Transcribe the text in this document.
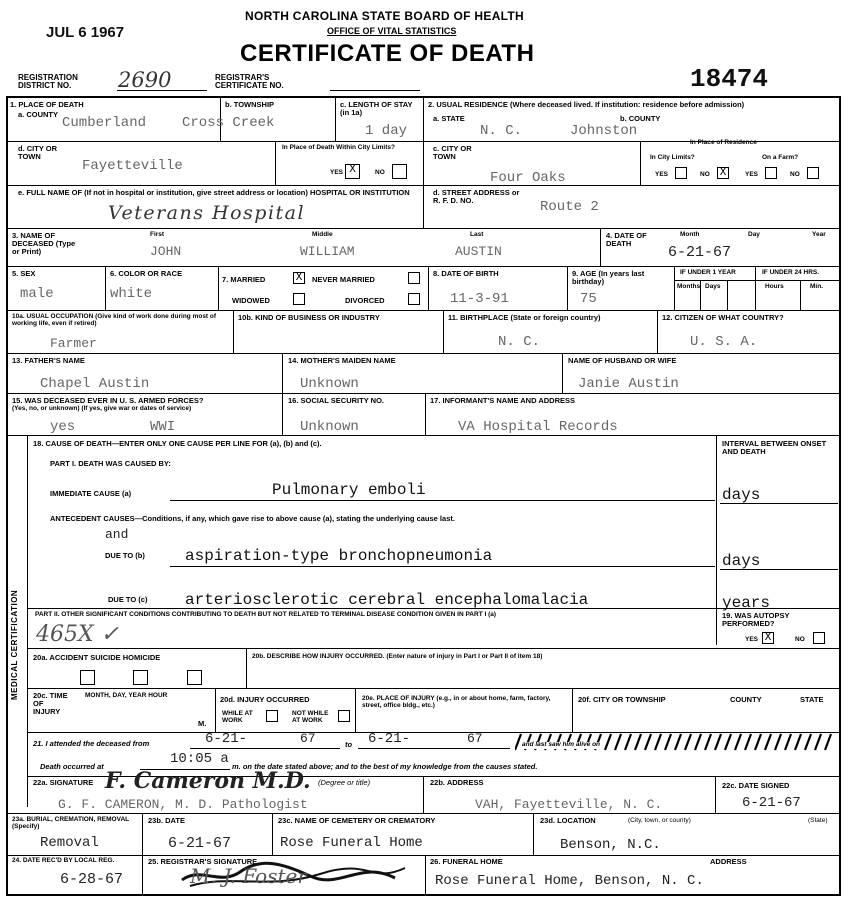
JUL 6 1967
NORTH CAROLINA STATE BOARD OF HEALTH
OFFICE OF VITAL STATISTICS
CERTIFICATE OF DEATH
REGISTRATION
DISTRICT NO.	2690	REGISTRAR'S
CERTIFICATE NO.	18474
1. PLACE OF DEATH
a. COUNTY
Cumberland
b. TOWNSHIP
Cross Creek
c. LENGTH OF STAY (in 1a)
1 day
d. CITY OR TOWN
Fayetteville
In Place of Death Within City Limits?
YES X	NO
e. FULL NAME OF (If not in hospital or institution, give street address or location) HOSPITAL OR INSTITUTION
Veterans Hospital
2. USUAL RESIDENCE (Where deceased lived. If institution: residence before admission)
a. STATE
N. C.
b. COUNTY
Johnston
In Place of Residence
c. CITY OR TOWN
Four Oaks
In City Limits?
YES	NO X
On a Farm?
YES	NO
d. STREET ADDRESS or R. F. D. NO.	Route 2
3. NAME OF DECEASED (Type or Print)
First	Middle	Last
JOHN	WILLIAM	AUSTIN
4. DATE OF DEATH
Month	Day	Year
6-21-67
5. SEX
male
6. COLOR OR RACE
white
7. MARRIED	X	NEVER MARRIED
WIDOWED	DIVORCED
8. DATE OF BIRTH
11-3-91
9. AGE (In years last birthday)
75
IF UNDER 1 YEAR	IF UNDER 24 HRS.
Months Days	Hours	Min.
10a. USUAL OCCUPATION (Give kind of work done during most of working life, even if retired)
Farmer
10b. KIND OF BUSINESS OR INDUSTRY	11. BIRTHPLACE (State or foreign country)
N. C.
12. CITIZEN OF WHAT COUNTRY?
U. S. A.
13. FATHER'S NAME
Chapel Austin
14. MOTHER'S MAIDEN NAME
Unknown
NAME OF HUSBAND OR WIFE
Janie Austin
15. WAS DECEASED EVER IN U. S. ARMED FORCES?
(Yes, no, or unknown) (If yes, give war or dates of service)
yes	WWI
16. SOCIAL SECURITY NO.
Unknown
17. INFORMANT'S NAME AND ADDRESS
VA Hospital Records
MEDICAL CERTIFICATION
18. CAUSE OF DEATH—ENTER ONLY ONE CAUSE PER LINE FOR (a), (b) and (c).	INTERVAL BETWEEN ONSET AND DEATH
PART I. DEATH WAS CAUSED BY:
IMMEDIATE CAUSE (a)	Pulmonary emboli	days
ANTECEDENT CAUSES—Conditions, if any, which gave rise to above cause (a), stating the underlying cause last.
and
DUE TO (b)	aspiration-type bronchopneumonia	days
DUE TO (c) arteriosclerotic cerebral encephalomalacia	years
PART II. OTHER SIGNIFICANT CONDITIONS CONTRIBUTING TO DEATH BUT NOT RELATED TO TERMINAL DISEASE CONDITION GIVEN IN PART I (a)
465X ✓
19. WAS AUTOPSY PERFORMED?
YES X	NO
20a. ACCIDENT SUICIDE HOMICIDE	20b. DESCRIBE HOW INJURY OCCURRED. (Enter nature of injury in Part I or Part II of item 18)
20c. TIME OF INJURY
MONTH, DAY, YEAR HOUR
M.
20d. INJURY OCCURRED
WHILE AT WORK
NOT WHILE AT WORK
20e. PLACE OF INJURY (e.g., in or about home, farm, factory, street, office bldg., etc.)
20f. CITY OR TOWNSHIP	COUNTY	STATE
21. I attended the deceased from	6-21-	67	to 6-21-	67	and last saw him alive on
Death occurred at	10:05 a m. on the date stated above; and to the best of my knowledge from the causes stated.
22a. SIGNATURE F. Cameron M.D. (Degree or title)
G. F. CAMERON, M. D. Pathologist
22b. ADDRESS
VAH, Fayetteville, N. C.
22c. DATE SIGNED
6-21-67
23a. BURIAL, CREMATION, REMOVAL (Specify)
Removal
23b. DATE
6-21-67
23c. NAME OF CEMETERY OR CREMATORY
Rose Funeral Home
23d. LOCATION	(City, town, or county)	(State)
Benson, N.C.
24. DATE REC'D BY LOCAL REG.
6-28-67
25. REGISTRAR'S SIGNATURE
M. J. Foster
26. FUNERAL HOME	ADDRESS
Rose Funeral Home, Benson, N. C.
